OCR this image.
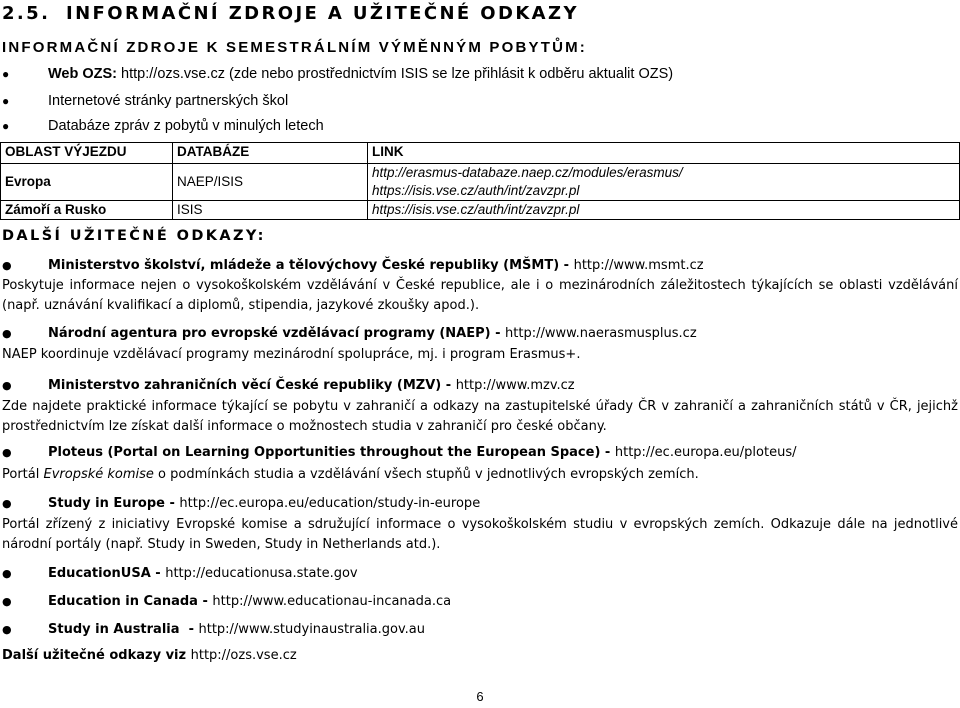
2.5. INFORMAČNÍ ZDROJE A UŽITEČNÉ ODKAZY
INFORMAČNÍ ZDROJE K SEMESTRÁLNÍM VÝMĚNNÝM POBYTŮM:
●	Web OZS: http://ozs.vse.cz (zde nebo prostřednictvím ISIS se lze přihlásit k odběru aktualit OZS)
●	Internetové stránky partnerských škol
●	Databáze zpráv z pobytů v minulých letech
OBLAST VÝJEZDU	DATABÁZE	LINK
Evropa	NAEP/ISIS	http://erasmus-databaze.naep.cz/modules/erasmus/
https://isis.vse.cz/auth/int/zavzpr.pl

Zámoří a Rusko	ISIS	https://isis.vse.cz/auth/int/zavzpr.pl
DALŠÍ UŽITEČNÉ ODKAZY:
●	Ministerstvo školství, mládeže a tělovýchovy České republiky (MŠMT) - http://www.msmt.cz
Poskytuje informace nejen o vysokoškolském vzdělávání v České republice, ale i o mezinárodních záležitostech týkajících se oblasti vzdělávání (např. uznávání kvalifikací a diplomů, stipendia, jazykové zkoušky apod.).
●	Národní agentura pro evropské vzdělávací programy (NAEP) - http://www.naerasmusplus.cz
NAEP koordinuje vzdělávací programy mezinárodní spolupráce, mj. i program Erasmus+.
●	Ministerstvo zahraničních věcí České republiky (MZV) - http://www.mzv.cz
Zde najdete praktické informace týkající se pobytu v zahraničí a odkazy na zastupitelské úřady ČR v zahraničí a zahraničních států v ČR, jejichž prostřednictvím lze získat další informace o možnostech studia v zahraničí pro české občany.
●	Ploteus (Portal on Learning Opportunities throughout the European Space) - http://ec.europa.eu/ploteus/
Portál Evropské komise o podmínkách studia a vzdělávání všech stupňů v jednotlivých evropských zemích.
●	Study in Europe - http://ec.europa.eu/education/study-in-europe
Portál zřízený z iniciativy Evropské komise a sdružující informace o vysokoškolském studiu v evropských zemích. Odkazuje dále na jednotlivé národní portály (např. Study in Sweden, Study in Netherlands atd.).
●	EducationUSA - http://educationusa.state.gov
●	Education in Canada - http://www.educationau-incanada.ca
●	Study in Australia  - http://www.studyinaustralia.gov.au
Další užitečné odkazy viz http://ozs.vse.cz
6
